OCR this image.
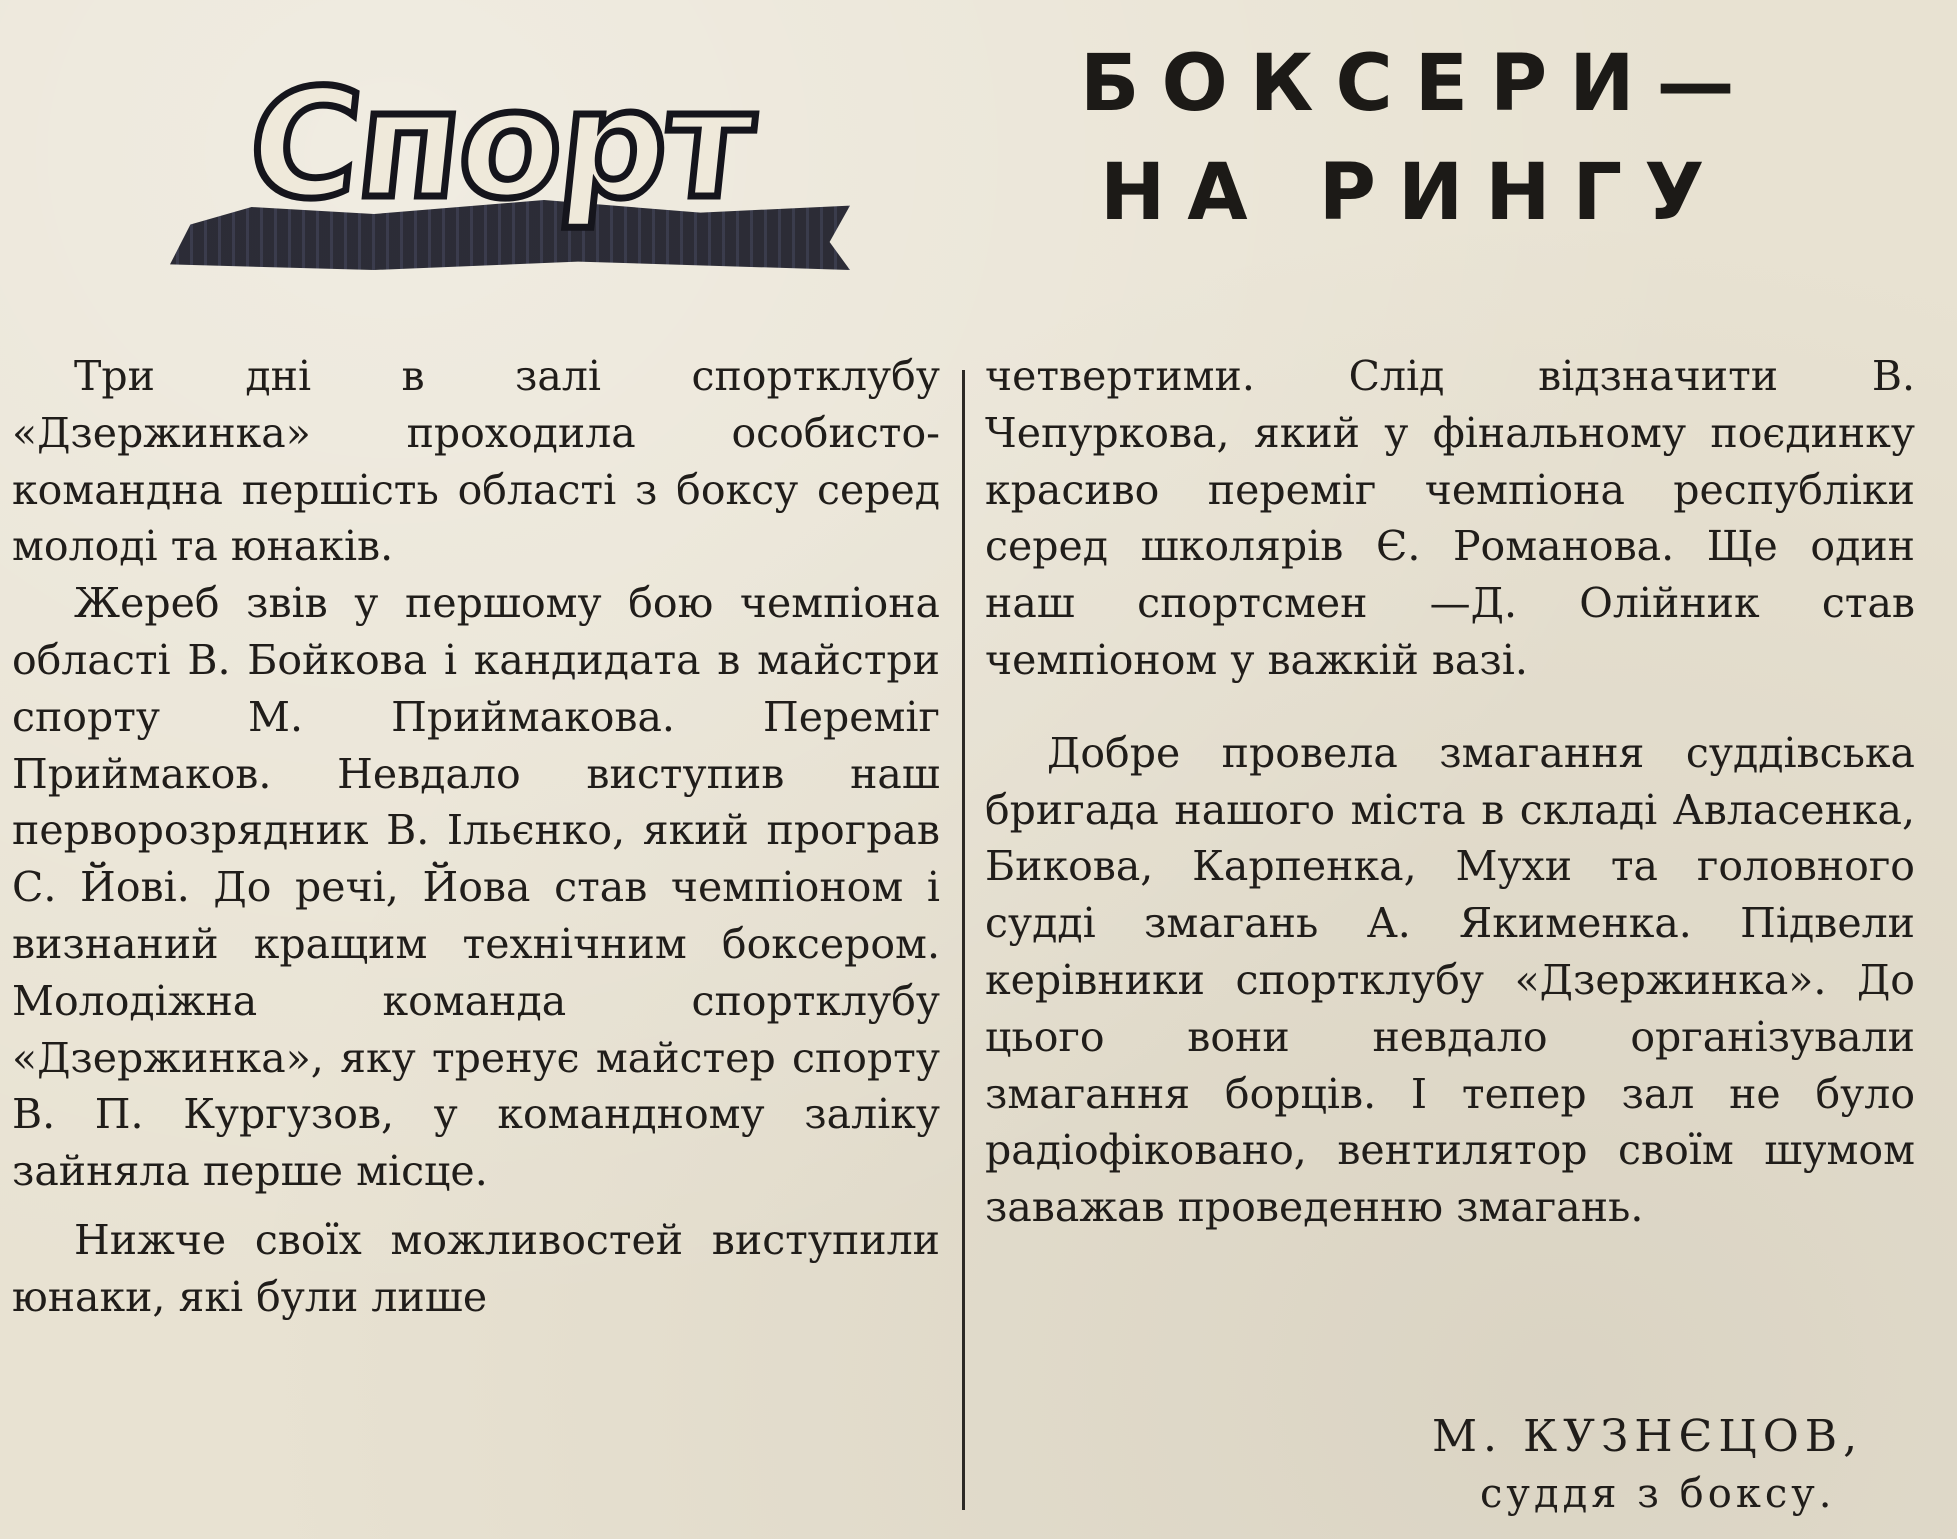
Спорт	БОКСЕРИ—
НА РИНГУ

Три дні в залі спортклубу «Дзержинка» проходила особисто-командна першість області з боксу серед молоді та юнаків.

Жереб звів у першому бою чемпіона області В. Бойкова і кандидата в майстри спорту М. Приймакова. Переміг Приймаков. Невдало виступив наш перворозрядник В. Ільєнко, який програв С. Йові. До речі, Йова став чемпіоном і визнаний кращим технічним боксером. Молодіжна команда спортклубу «Дзержинка», яку тренує майстер спорту В. П. Кургузов, у командному заліку зайняла перше місце.

Нижче своїх можливостей виступили юнаки, які були лише

четвертими. Слід відзначити В. Чепуркова, який у фінальному поєдинку красиво переміг чемпіона республіки серед школярів Є. Романова. Ще один наш спортсмен —Д. Олійник став чемпіоном у важкій вазі.

Добре провела змагання суддівська бригада нашого міста в складі Авласенка, Бикова, Карпенка, Мухи та головного судді змагань А. Якименка. Підвели керівники спортклубу «Дзержинка». До цього вони невдало організували змагання борців. І тепер зал не було радіофіковано, вентилятор своїм шумом заважав проведенню змагань.

М. КУЗНЄЦОВ,
суддя з боксу.
